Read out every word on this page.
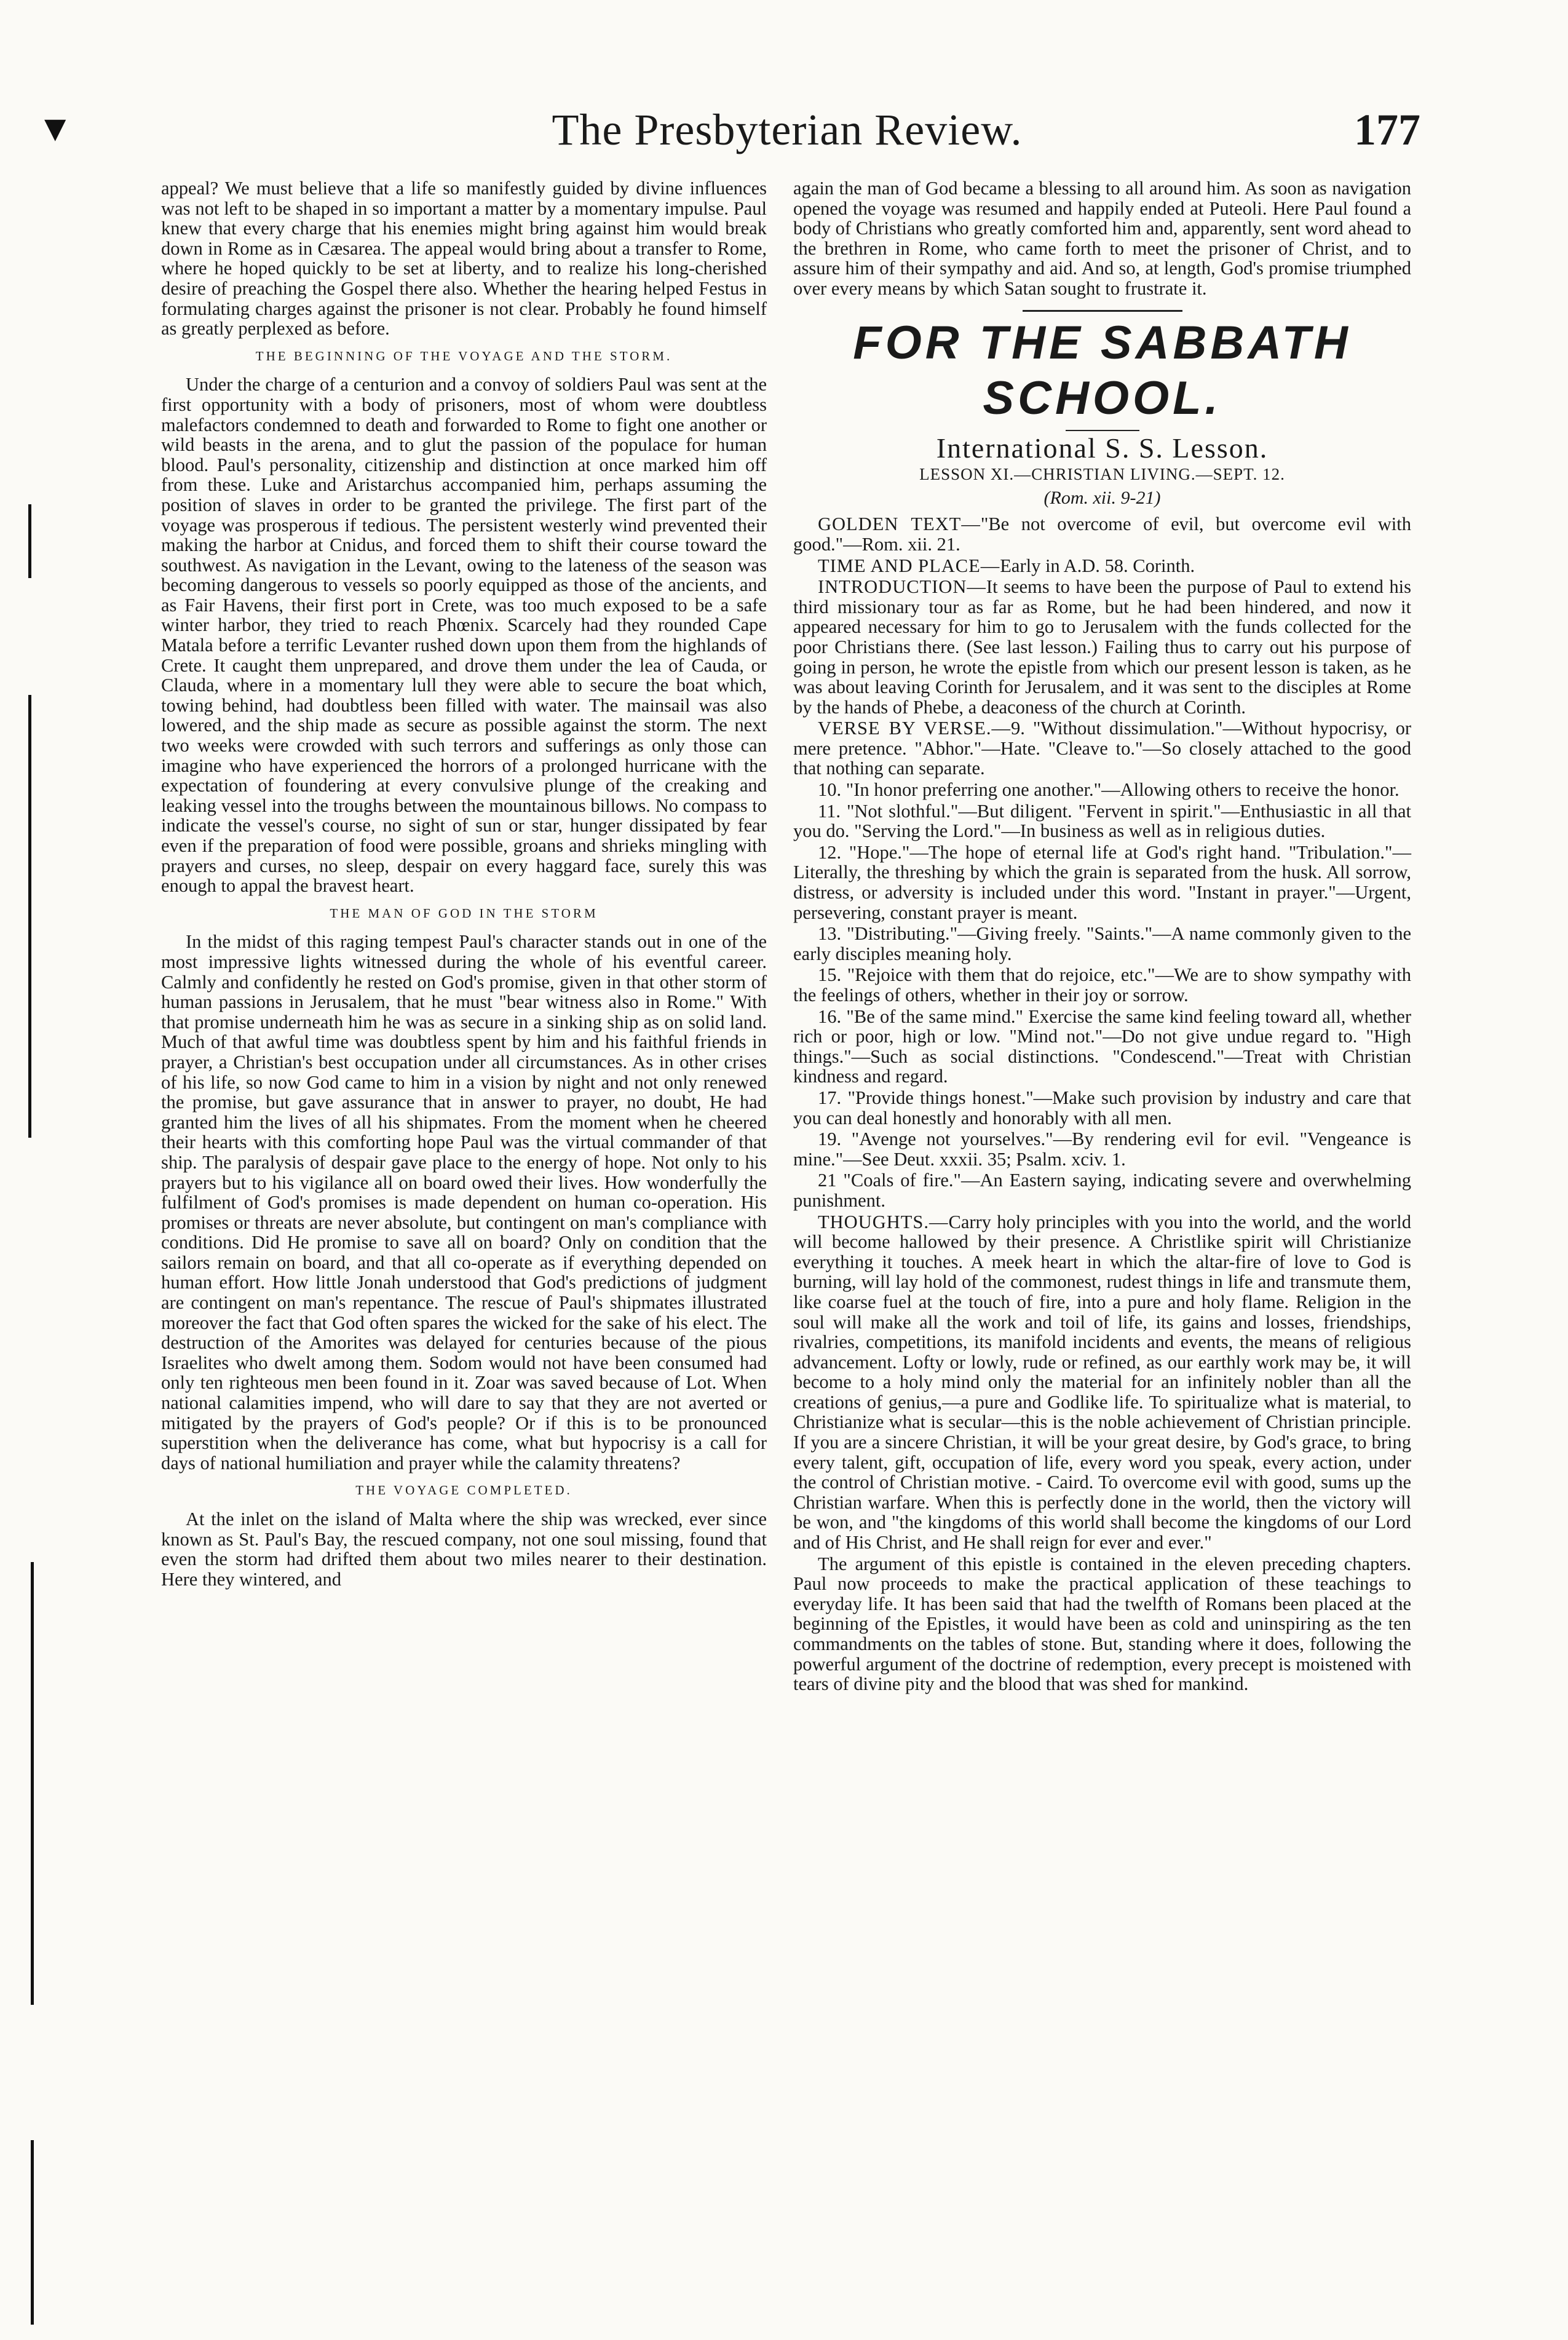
The Presbyterian Review.	177
▼

appeal? We must believe that a life so manifestly guided by divine influences was not left to be shaped in so important a matter by a momentary impulse. Paul knew that every charge that his enemies might bring against him would break down in Rome as in Cæsarea. The appeal would bring about a transfer to Rome, where he hoped quickly to be set at liberty, and to realize his long-cherished desire of preaching the Gospel there also. Whether the hearing helped Festus in formulating charges against the prisoner is not clear. Probably he found himself as greatly perplexed as before.

THE BEGINNING OF THE VOYAGE AND THE STORM.

Under the charge of a centurion and a convoy of soldiers Paul was sent at the first opportunity with a body of prisoners, most of whom were doubtless malefactors condemned to death and forwarded to Rome to fight one another or wild beasts in the arena, and to glut the passion of the populace for human blood. Paul's personality, citizenship and distinction at once marked him off from these. Luke and Aristarchus accompanied him, perhaps assuming the position of slaves in order to be granted the privilege. The first part of the voyage was prosperous if tedious. The persistent westerly wind prevented their making the harbor at Cnidus, and forced them to shift their course toward the southwest. As navigation in the Levant, owing to the lateness of the season was becoming dangerous to vessels so poorly equipped as those of the ancients, and as Fair Havens, their first port in Crete, was too much exposed to be a safe winter harbor, they tried to reach Phœnix. Scarcely had they rounded Cape Matala before a terrific Levanter rushed down upon them from the highlands of Crete. It caught them unprepared, and drove them under the lea of Cauda, or Clauda, where in a momentary lull they were able to secure the boat which, towing behind, had doubtless been filled with water. The mainsail was also lowered, and the ship made as secure as possible against the storm. The next two weeks were crowded with such terrors and sufferings as only those can imagine who have experienced the horrors of a prolonged hurricane with the expectation of foundering at every convulsive plunge of the creaking and leaking vessel into the troughs between the mountainous billows. No compass to indicate the vessel's course, no sight of sun or star, hunger dissipated by fear even if the preparation of food were possible, groans and shrieks mingling with prayers and curses, no sleep, despair on every haggard face, surely this was enough to appal the bravest heart.

THE MAN OF GOD IN THE STORM

In the midst of this raging tempest Paul's character stands out in one of the most impressive lights witnessed during the whole of his eventful career. Calmly and confidently he rested on God's promise, given in that other storm of human passions in Jerusalem, that he must "bear witness also in Rome." With that promise underneath him he was as secure in a sinking ship as on solid land. Much of that awful time was doubtless spent by him and his faithful friends in prayer, a Christian's best occupation under all circumstances. As in other crises of his life, so now God came to him in a vision by night and not only renewed the promise, but gave assurance that in answer to prayer, no doubt, He had granted him the lives of all his shipmates. From the moment when he cheered their hearts with this comforting hope Paul was the virtual commander of that ship. The paralysis of despair gave place to the energy of hope. Not only to his prayers but to his vigilance all on board owed their lives. How wonderfully the fulfilment of God's promises is made dependent on human co-operation. His promises or threats are never absolute, but contingent on man's compliance with conditions. Did He promise to save all on board? Only on condition that the sailors remain on board, and that all co-operate as if everything depended on human effort. How little Jonah understood that God's predictions of judgment are contingent on man's repentance. The rescue of Paul's shipmates illustrated moreover the fact that God often spares the wicked for the sake of his elect. The destruction of the Amorites was delayed for centuries because of the pious Israelites who dwelt among them. Sodom would not have been consumed had only ten righteous men been found in it. Zoar was saved because of Lot. When national calamities impend, who will dare to say that they are not averted or mitigated by the prayers of God's people? Or if this is to be pronounced superstition when the deliverance has come, what but hypocrisy is a call for days of national humiliation and prayer while the calamity threatens?

THE VOYAGE COMPLETED.

At the inlet on the island of Malta where the ship was wrecked, ever since known as St. Paul's Bay, the rescued company, not one soul missing, found that even the storm had drifted them about two miles nearer to their destination. Here they wintered, and

again the man of God became a blessing to all around him. As soon as navigation opened the voyage was resumed and happily ended at Puteoli. Here Paul found a body of Christians who greatly comforted him and, apparently, sent word ahead to the brethren in Rome, who came forth to meet the prisoner of Christ, and to assure him of their sympathy and aid. And so, at length, God's promise triumphed over every means by which Satan sought to frustrate it.

FOR THE SABBATH SCHOOL.
International S. S. Lesson.
LESSON XI.—CHRISTIAN LIVING.—SEPT. 12.
(Rom. xii. 9-21)

GOLDEN TEXT—"Be not overcome of evil, but overcome evil with good."—Rom. xii. 21.

TIME AND PLACE—Early in A.D. 58. Corinth.

INTRODUCTION—It seems to have been the purpose of Paul to extend his third missionary tour as far as Rome, but he had been hindered, and now it appeared necessary for him to go to Jerusalem with the funds collected for the poor Christians there. (See last lesson.) Failing thus to carry out his purpose of going in person, he wrote the epistle from which our present lesson is taken, as he was about leaving Corinth for Jerusalem, and it was sent to the disciples at Rome by the hands of Phebe, a deaconess of the church at Corinth.

VERSE BY VERSE.—9. "Without dissimulation."—Without hypocrisy, or mere pretence. "Abhor."—Hate. "Cleave to."—So closely attached to the good that nothing can separate.

10. "In honor preferring one another."—Allowing others to receive the honor.

11. "Not slothful."—But diligent. "Fervent in spirit."—Enthusiastic in all that you do. "Serving the Lord."—In business as well as in religious duties.

12. "Hope."—The hope of eternal life at God's right hand. "Tribulation."—Literally, the threshing by which the grain is separated from the husk. All sorrow, distress, or adversity is included under this word. "Instant in prayer."—Urgent, persevering, constant prayer is meant.

13. "Distributing."—Giving freely. "Saints."—A name commonly given to the early disciples meaning holy.

15. "Rejoice with them that do rejoice, etc."—We are to show sympathy with the feelings of others, whether in their joy or sorrow.

16. "Be of the same mind." Exercise the same kind feeling toward all, whether rich or poor, high or low. "Mind not."—Do not give undue regard to. "High things."—Such as social distinctions. "Condescend."—Treat with Christian kindness and regard.

17. "Provide things honest."—Make such provision by industry and care that you can deal honestly and honorably with all men.

19. "Avenge not yourselves."—By rendering evil for evil. "Vengeance is mine."—See Deut. xxxii. 35; Psalm. xciv. 1.

21 "Coals of fire."—An Eastern saying, indicating severe and overwhelming punishment.

THOUGHTS.—Carry holy principles with you into the world, and the world will become hallowed by their presence. A Christlike spirit will Christianize everything it touches. A meek heart in which the altar-fire of love to God is burning, will lay hold of the commonest, rudest things in life and transmute them, like coarse fuel at the touch of fire, into a pure and holy flame. Religion in the soul will make all the work and toil of life, its gains and losses, friendships, rivalries, competitions, its manifold incidents and events, the means of religious advancement. Lofty or lowly, rude or refined, as our earthly work may be, it will become to a holy mind only the material for an infinitely nobler than all the creations of genius,—a pure and Godlike life. To spiritualize what is material, to Christianize what is secular—this is the noble achievement of Christian principle. If you are a sincere Christian, it will be your great desire, by God's grace, to bring every talent, gift, occupation of life, every word you speak, every action, under the control of Christian motive. - Caird. To overcome evil with good, sums up the Christian warfare. When this is perfectly done in the world, then the victory will be won, and "the kingdoms of this world shall become the kingdoms of our Lord and of His Christ, and He shall reign for ever and ever."

The argument of this epistle is contained in the eleven preceding chapters. Paul now proceeds to make the practical application of these teachings to everyday life. It has been said that had the twelfth of Romans been placed at the beginning of the Epistles, it would have been as cold and uninspiring as the ten commandments on the tables of stone. But, standing where it does, following the powerful argument of the doctrine of redemption, every precept is moistened with tears of divine pity and the blood that was shed for mankind.
